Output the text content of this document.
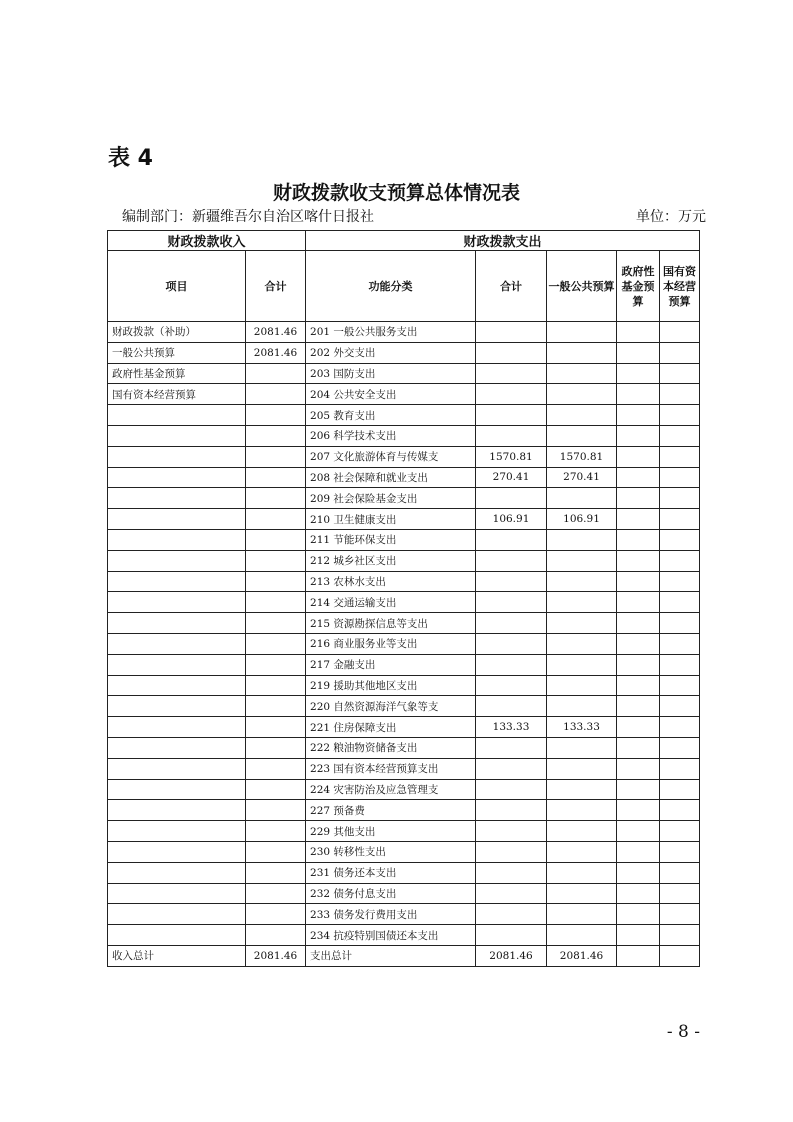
表 4
财政拨款收支预算总体情况表
编制部门：新疆维吾尔自治区喀什日报社	单位：万元
财政拨款收入		财政拨款支出				
项目	合计	功能分类	合计	一般公共预算	政府性基金预算	国有资本经营预算
财政拨款（补助）	2081.46	201 一般公共服务支出				
一般公共预算	2081.46	202 外交支出				
政府性基金预算		203 国防支出				
国有资本经营预算		204 公共安全支出				
		205 教育支出				
		206 科学技术支出				
		207 文化旅游体育与传媒支	1570.81	1570.81		
		208 社会保障和就业支出	270.41	270.41		
		209 社会保险基金支出				
		210 卫生健康支出	106.91	106.91		
		211 节能环保支出				
		212 城乡社区支出				
		213 农林水支出				
		214 交通运输支出				
		215 资源勘探信息等支出				
		216 商业服务业等支出				
		217 金融支出				
		219 援助其他地区支出				
		220 自然资源海洋气象等支				
		221 住房保障支出	133.33	133.33		
		222 粮油物资储备支出				
		223 国有资本经营预算支出				
		224 灾害防治及应急管理支				
		227 预备费				
		229 其他支出				
		230 转移性支出				
		231 债务还本支出				
		232 债务付息支出				
		233 债务发行费用支出				
		234 抗疫特别国债还本支出				
收入总计	2081.46	支出总计	2081.46	2081.46		
- 8 -
